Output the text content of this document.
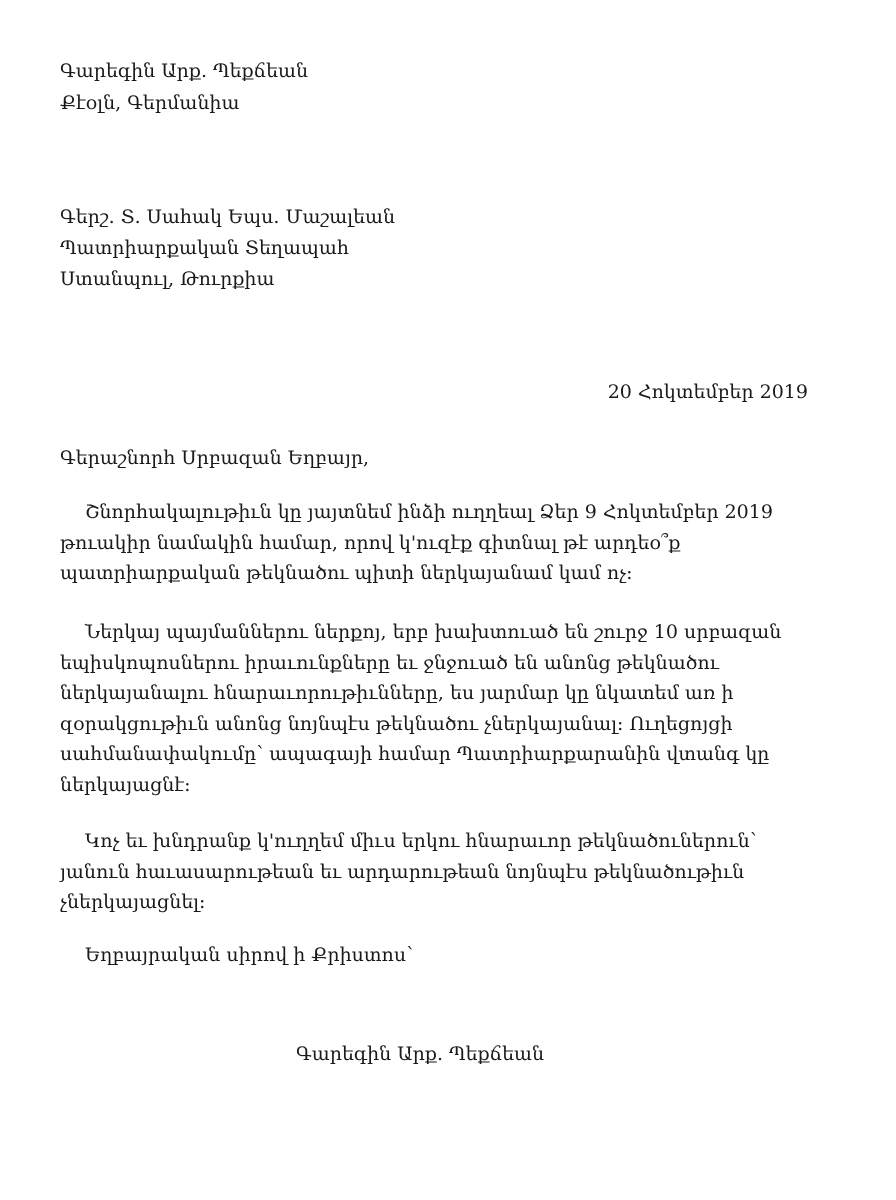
Գարեգին Արք. Պեքճեան
Քէօլն, Գերմանիա
Գերշ. Տ. Սահակ Եպս. Մաշալեան
Պատրիարքական Տեղապահ
Ստանպուլ, Թուրքիա
20 Հոկտեմբեր 2019
Գերաշնորհ Սրբազան Եղբայր,
Շնորհակալութիւն կը յայտնեմ ինձի ուղղեալ Ձեր 9 Հոկտեմբեր 2019
թուակիր նամակին համար, որով կ'ուզէք գիտնալ թէ արդեօ՞ք
պատրիարքական թեկնածու պիտի ներկայանամ կամ ոչ:
Ներկայ պայմաններու ներքոյ, երբ խախտուած են շուրջ 10 սրբազան
եպիսկոպոսներու իրաւունքները եւ ջնջուած են անոնց թեկնածու
ներկայանալու հնարաւորութիւնները, ես յարմար կը նկատեմ առ ի
զօրակցութիւն անոնց նոյնպէս թեկնածու չներկայանալ: Ուղեցոյցի
սահմանափակումը՝ ապագայի համար Պատրիարքարանին վտանգ կը
ներկայացնէ:
Կոչ եւ խնդրանք կ'ուղղեմ միւս երկու հնարաւոր թեկնածուներուն՝
յանուն հաւասարութեան եւ արդարութեան նոյնպէս թեկնածութիւն
չներկայացնել:
Եղբայրական սիրով ի Քրիստոս՝
Գարեգին Արք. Պեքճեան
